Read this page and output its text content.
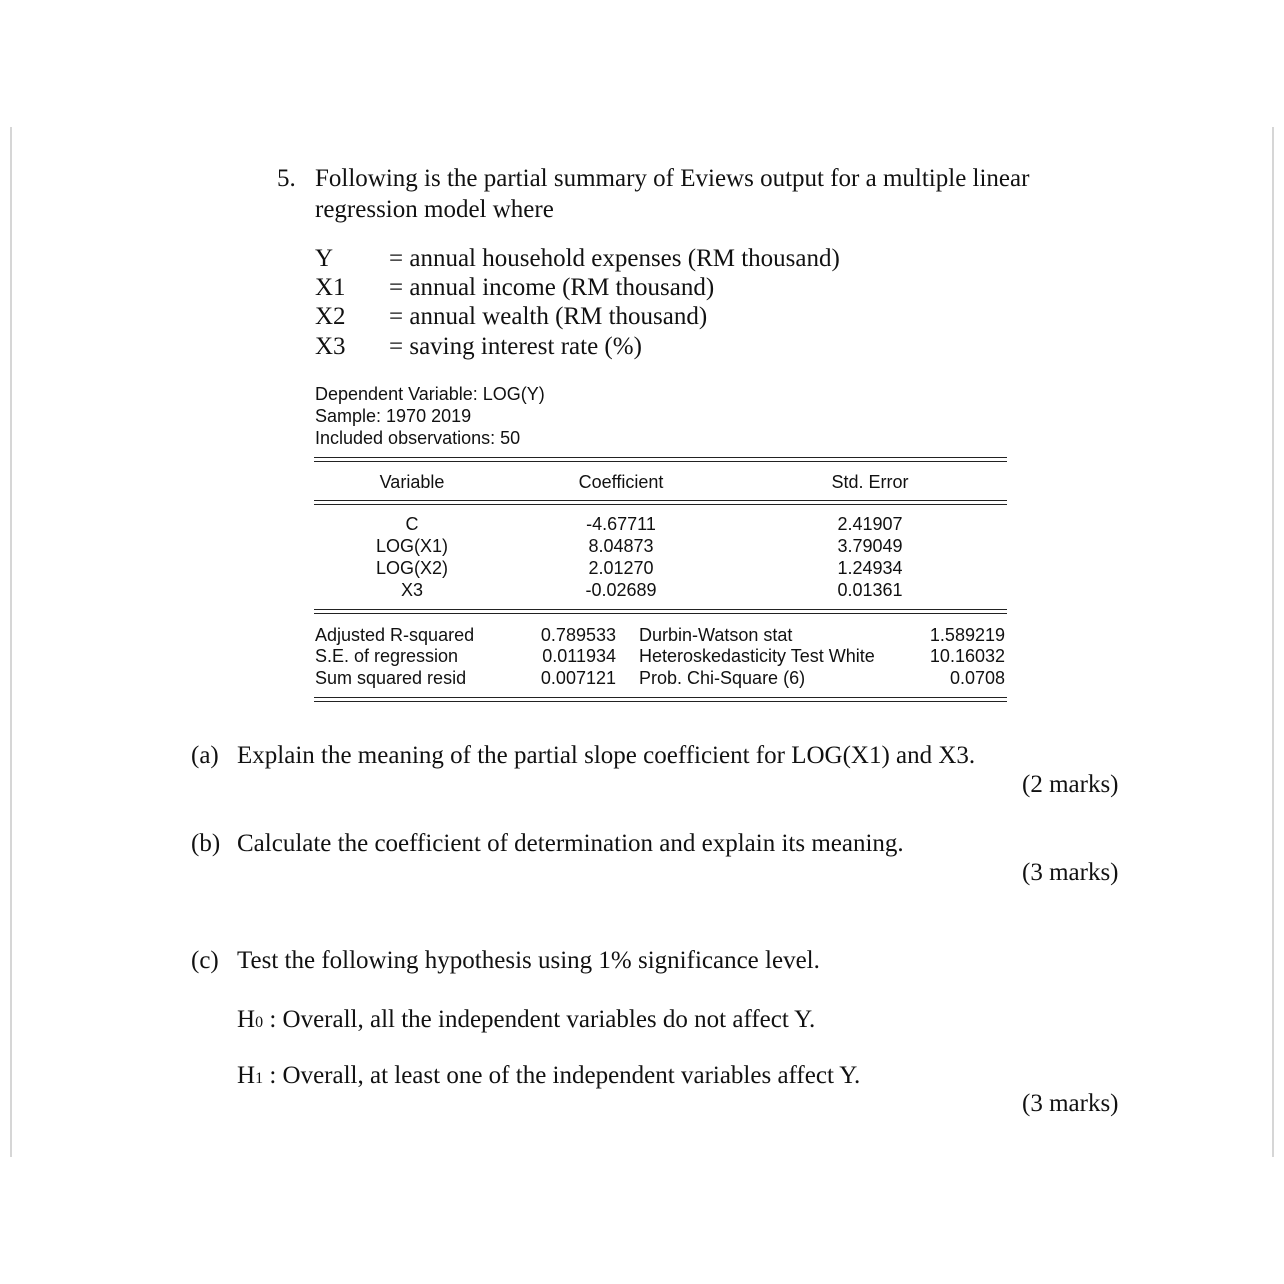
5. Following is the partial summary of Eviews output for a multiple linear
regression model where
Y = annual household expenses (RM thousand)
X1 = annual income (RM thousand)
X2 = annual wealth (RM thousand)
X3 = saving interest rate (%)
Dependent Variable: LOG(Y)
Sample: 1970 2019
Included observations: 50
Variable	Coefficient	Std. Error
C	-4.67711	2.41907
LOG(X1)	8.04873	3.79049
LOG(X2)	2.01270	1.24934
X3	-0.02689	0.01361
Adjusted R-squared	0.789533 Durbin-Watson stat	1.589219
S.E. of regression	0.011934 Heteroskedasticity Test White	10.16032
Sum squared resid	0.007121 Prob. Chi-Square (6)	0.0708
(a) Explain the meaning of the partial slope coefficient for LOG(X1) and X3.
(2 marks)
(b) Calculate the coefficient of determination and explain its meaning.
(3 marks)
(c) Test the following hypothesis using 1% significance level.
H0 : Overall, all the independent variables do not affect Y.
H1 : Overall, at least one of the independent variables affect Y.
(3 marks)
